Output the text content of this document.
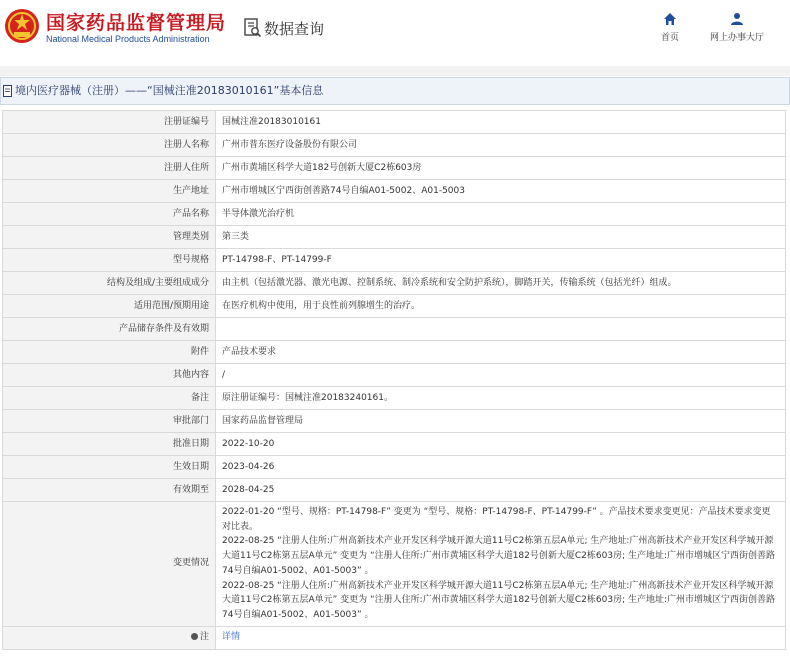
国家药品监督管理局
National Medical Products Administration
数据查询	首页	网上办事大厅
境内医疗器械（注册）——“国械注准20183010161”基本信息
注册证编号	国械注准20183010161
注册人名称	广州市普东医疗设备股份有限公司
注册人住所	广州市黄埔区科学大道182号创新大厦C2栋603房
生产地址	广州市增城区宁西街创善路74号自编A01-5002、A01-5003
产品名称	半导体激光治疗机
管理类别	第三类
型号规格	PT-14798-F、PT-14799-F
结构及组成/主要组成成分	由主机（包括激光器、激光电源、控制系统、制冷系统和安全防护系统），脚踏开关，传输系统（包括光纤）组成。
适用范围/预期用途	在医疗机构中使用，用于良性前列腺增生的治疗。
产品储存条件及有效期	
附件	产品技术要求
其他内容	/
备注	原注册证编号：国械注准20183240161。
审批部门	国家药品监督管理局
批准日期	2022-10-20
生效日期	2023-04-26
有效期至	2028-04-25
变更情况	2022-01-20 “型号、规格：PT-14798-F” 变更为 “型号、规格：PT-14798-F、PT-14799-F” 。产品技术要求变更见：产品技术要求变更对比表。
2022-08-25 “注册人住所:广州高新技术产业开发区科学城开源大道11号C2栋第五层A单元; 生产地址:广州高新技术产业开发区科学城开源大道11号C2栋第五层A单元” 变更为 “注册人住所:广州市黄埔区科学大道182号创新大厦C2栋603房; 生产地址:广州市增城区宁西街创善路74号自编A01-5002、A01-5003” 。
2022-08-25 “注册人住所:广州高新技术产业开发区科学城开源大道11号C2栋第五层A单元; 生产地址:广州高新技术产业开发区科学城开源大道11号C2栋第五层A单元” 变更为 “注册人住所:广州市黄埔区科学大道182号创新大厦C2栋603房; 生产地址:广州市增城区宁西街创善路74号自编A01-5002、A01-5003” 。

注	详情
